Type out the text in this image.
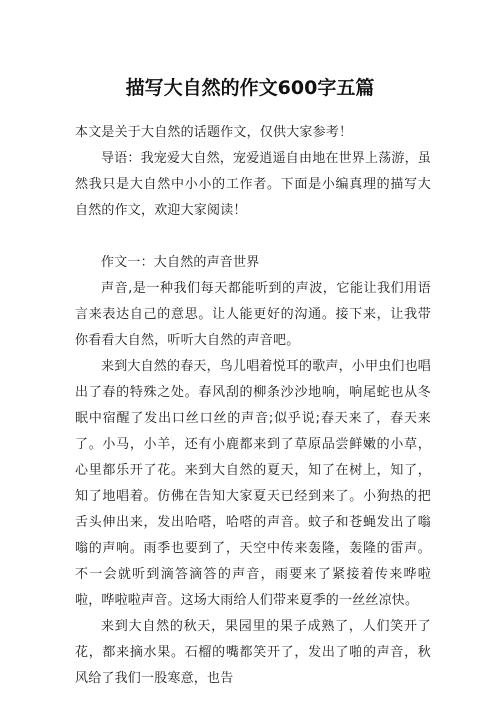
描写大自然的作文600字五篇

本文是关于大自然的话题作文，仅供大家参考！

导语：我宠爱大自然，宠爱逍遥自由地在世界上荡游，虽然我只是大自然中小小的工作者。下面是小编真理的描写大自然的作文，欢迎大家阅读！

作文一：大自然的声音世界

声音,是一种我们每天都能听到的声波，它能让我们用语言来表达自己的意思。让人能更好的沟通。接下来，让我带你看看大自然，听听大自然的声音吧。

来到大自然的春天，鸟儿唱着悦耳的歌声，小甲虫们也唱出了春的特殊之处。春风刮的柳条沙沙地响，响尾蛇也从冬眠中宿醒了发出口丝口丝的声音;似乎说;春天来了，春天来了。小马，小羊，还有小鹿都来到了草原品尝鲜嫩的小草，心里都乐开了花。来到大自然的夏天，知了在树上，知了，知了地唱着。仿佛在告知大家夏天已经到来了。小狗热的把舌头伸出来，发出哈嗒，哈嗒的声音。蚊子和苍蝇发出了嗡嗡的声响。雨季也要到了，天空中传来轰隆，轰隆的雷声。不一会就听到滴答滴答的声音，雨要来了紧接着传来哗啦啦，哗啦啦声音。这场大雨给人们带来夏季的一丝丝凉快。

来到大自然的秋天，果园里的果子成熟了，人们笑开了花，都来摘水果。石榴的嘴都笑开了，发出了啪的声音，秋风给了我们一股寒意，也告
